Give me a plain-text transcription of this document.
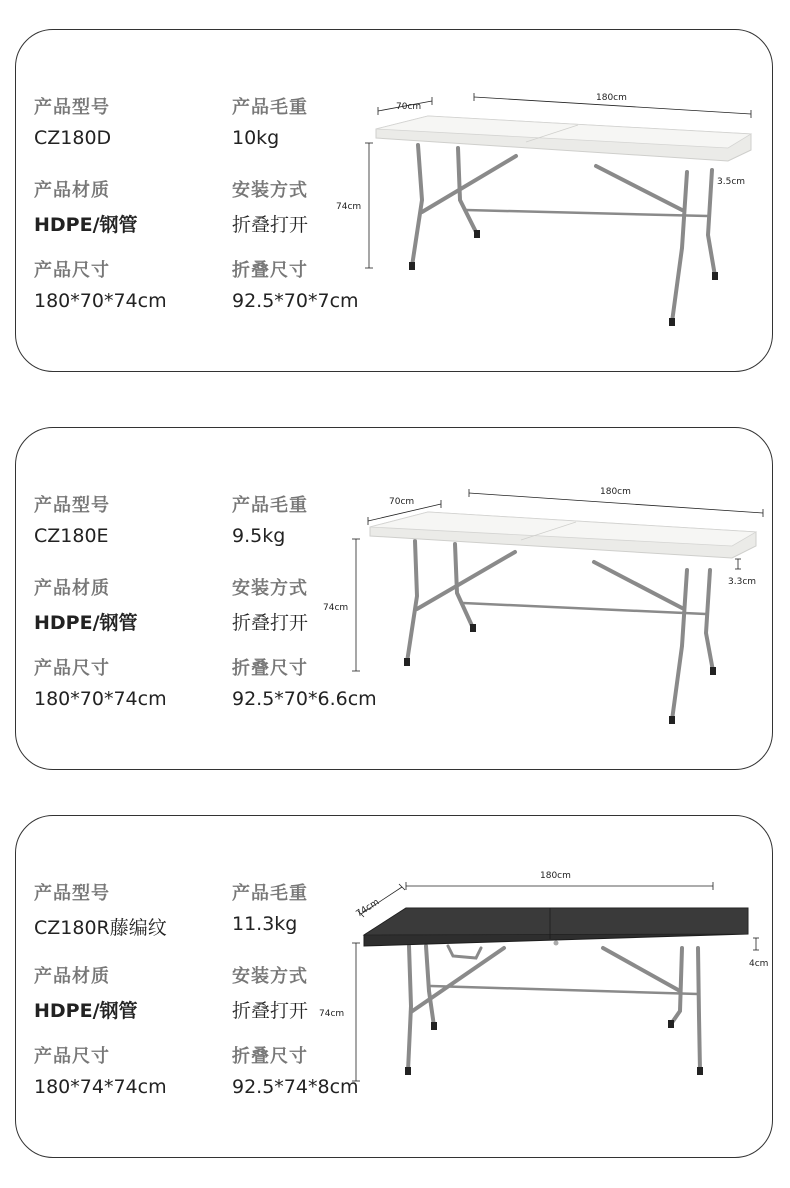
产品型号
CZ180D
产品毛重
10kg
产品材质
HDPE/钢管
安装方式
折叠打开
产品尺寸
180*70*74cm
折叠尺寸
92.5*70*7cm
70cm
180cm
74cm
3.5cm
产品型号
CZ180E
产品毛重
9.5kg
产品材质
HDPE/钢管
安装方式
折叠打开
产品尺寸
180*70*74cm
折叠尺寸
92.5*70*6.6cm
70cm
180cm
74cm
3.3cm
产品型号
CZ180R藤编纹
产品毛重
11.3kg
产品材质
HDPE/钢管
安装方式
折叠打开
产品尺寸
180*74*74cm
折叠尺寸
92.5*74*8cm
74cm
180cm
74cm
4cm
